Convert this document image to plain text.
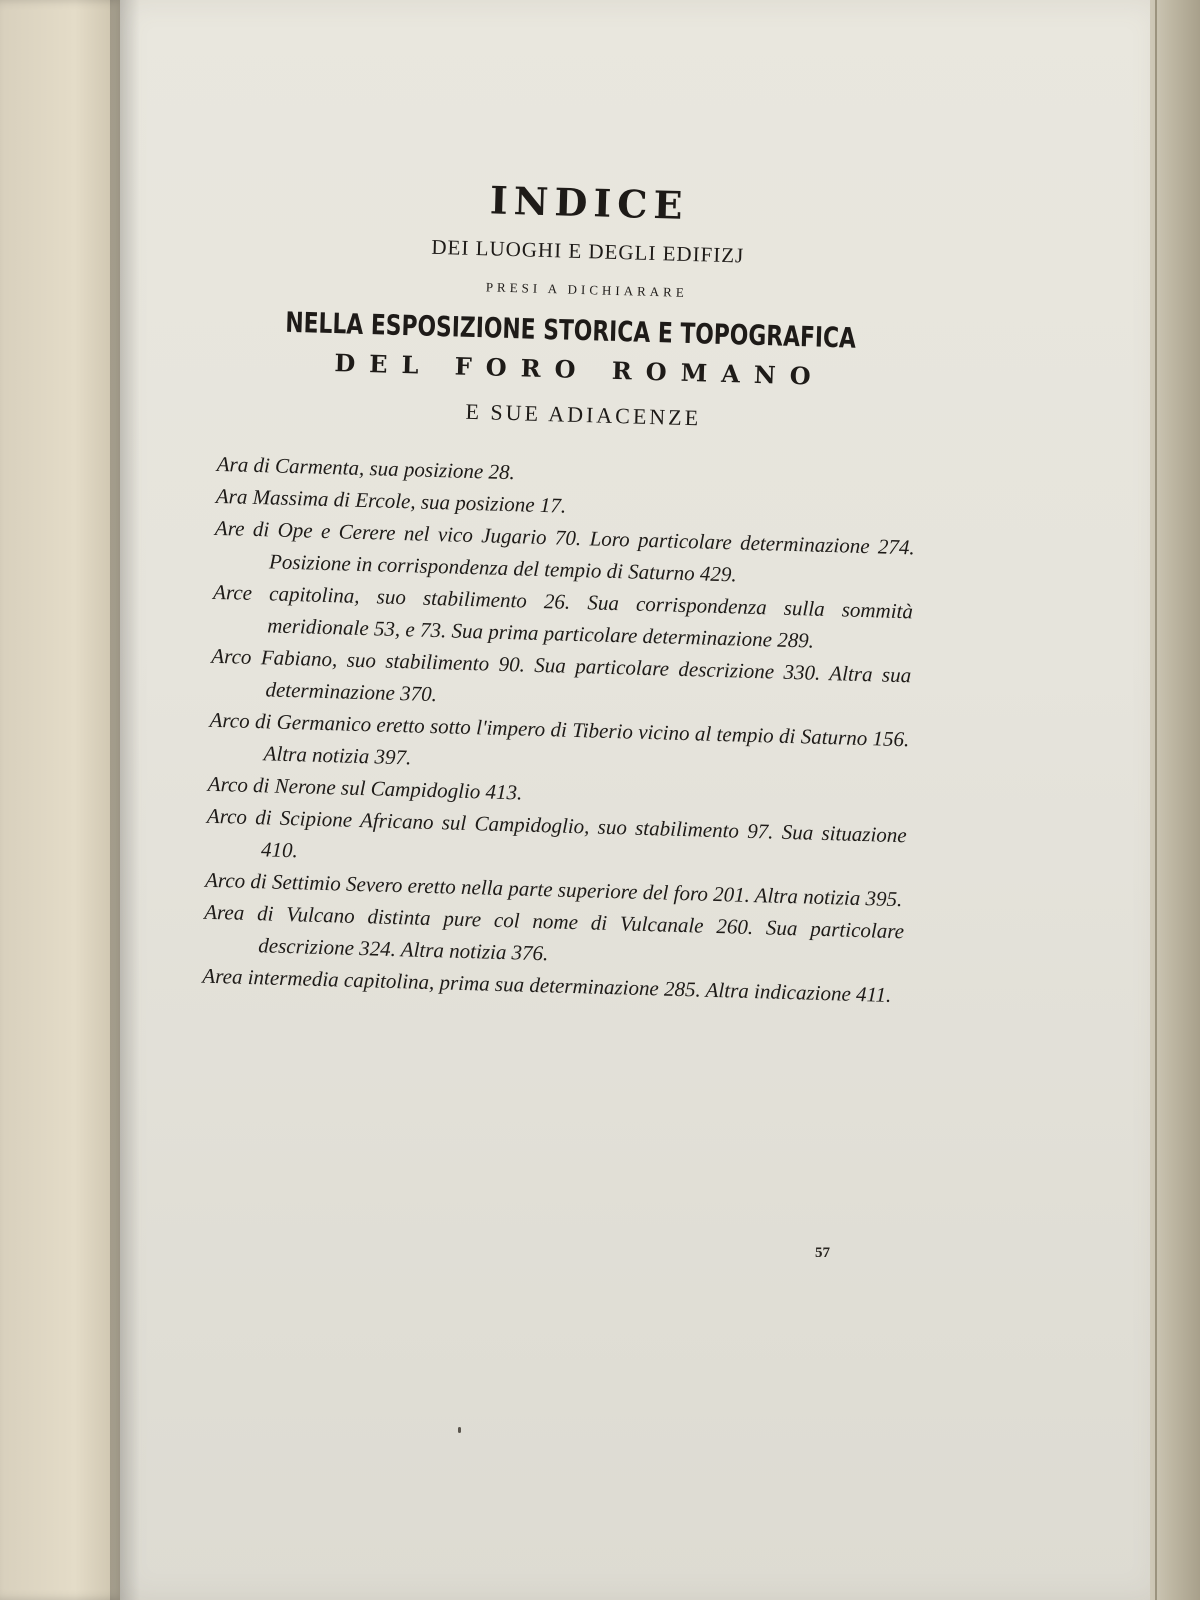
INDICE
DEI LUOGHI E DEGLI EDIFIZJ
PRESI A DICHIARARE
NELLA ESPOSIZIONE STORICA E TOPOGRAFICA
DEL FORO ROMANO
E SUE ADIACENZE

Ara di Carmenta, sua posizione 28.

Ara Massima di Ercole, sua posizione 17.

Are di Ope e Cerere nel vico Jugario 70. Loro particolare determinazione 274. Posizione in corrispondenza del tempio di Saturno 429.

Arce capitolina, suo stabilimento 26. Sua corrispondenza sulla sommità meridionale 53, e 73. Sua prima particolare determinazione 289.

Arco Fabiano, suo stabilimento 90. Sua particolare descrizione 330. Altra sua determinazione 370.

Arco di Germanico eretto sotto l'impero di Tiberio vicino al tempio di Saturno 156. Altra notizia 397.

Arco di Nerone sul Campidoglio 413.

Arco di Scipione Africano sul Campidoglio, suo stabilimento 97. Sua situazione 410.

Arco di Settimio Severo eretto nella parte superiore del foro 201. Altra notizia 395.

Area di Vulcano distinta pure col nome di Vulcanale 260. Sua particolare descrizione 324. Altra notizia 376.

Area intermedia capitolina, prima sua determinazione 285. Altra indicazione 411.

57
